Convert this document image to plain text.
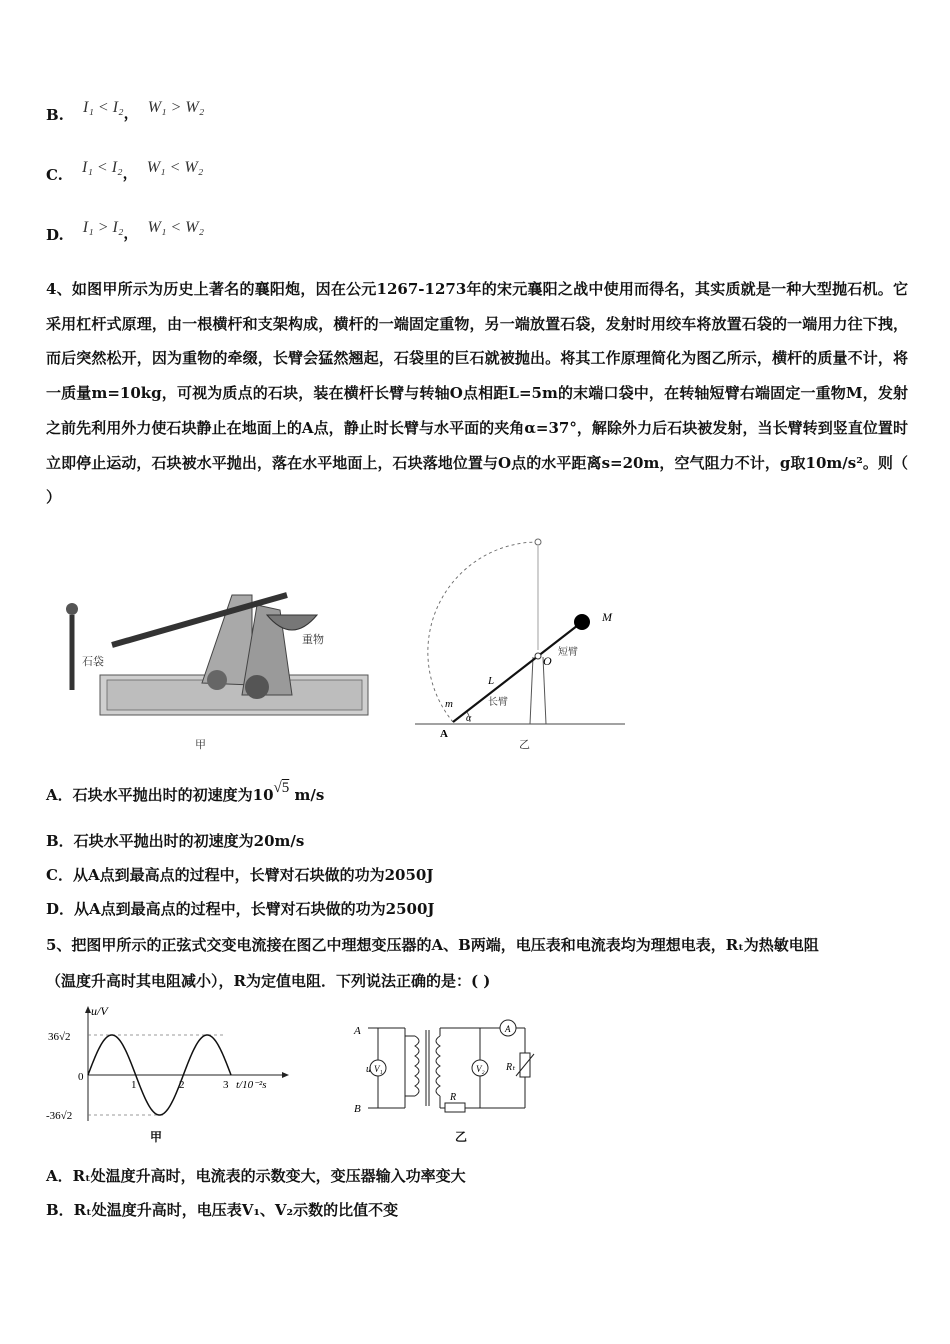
B. I₁ < I₂， W₁ > W₂
C. I₁ < I₂， W₁ < W₂
D. I₁ > I₂， W₁ < W₂
4、如图甲所示为历史上著名的襄阳炮，因在公元1267-1273年的宋元襄阳之战中使用而得名，其实质就是一种大型抛石机。它采用杠杆式原理，由一根横杆和支架构成，横杆的一端固定重物，另一端放置石袋，发射时用绞车将放置石袋的一端用力往下拽，而后突然松开，因为重物的牵缀，长臂会猛然翘起，石袋里的巨石就被抛出。将其工作原理简化为图乙所示，横杆的质量不计，将一质量m=10kg，可视为质点的石块，装在横杆长臂与转轴O点相距L=5m的末端口袋中，在转轴短臂右端固定一重物M，发射之前先利用外力使石块静止在地面上的A点，静止时长臂与水平面的夹角α=37°，解除外力后石块被发射，当长臂转到竖直位置时立即停止运动，石块被水平抛出，落在水平地面上，石块落地位置与O点的水平距离s=20m，空气阻力不计，g取10m/s²。则（ ）
石袋
重物
甲
M
O
短臂
L
长臂
m
α
A
乙
A．石块水平抛出时的初速度为10√5 m/s
B．石块水平抛出时的初速度为20m/s
C．从A点到最高点的过程中，长臂对石块做的功为2050J
D．从A点到最高点的过程中，长臂对石块做的功为2500J
5、把图甲所示的正弦式交变电流接在图乙中理想变压器的A、B两端，电压表和电流表均为理想电表，Rₜ为热敏电阻
（温度升高时其电阻减小），R为定值电阻．下列说法正确的是：( )
u/V
36√2
0
-36√2
1	2	3 t/10⁻²s
甲
V₁	V₂
A
A
B
u
R
Rₜ
乙
A．Rₜ处温度升高时，电流表的示数变大，变压器输入功率变大
B．Rₜ处温度升高时，电压表V₁、V₂示数的比值不变
